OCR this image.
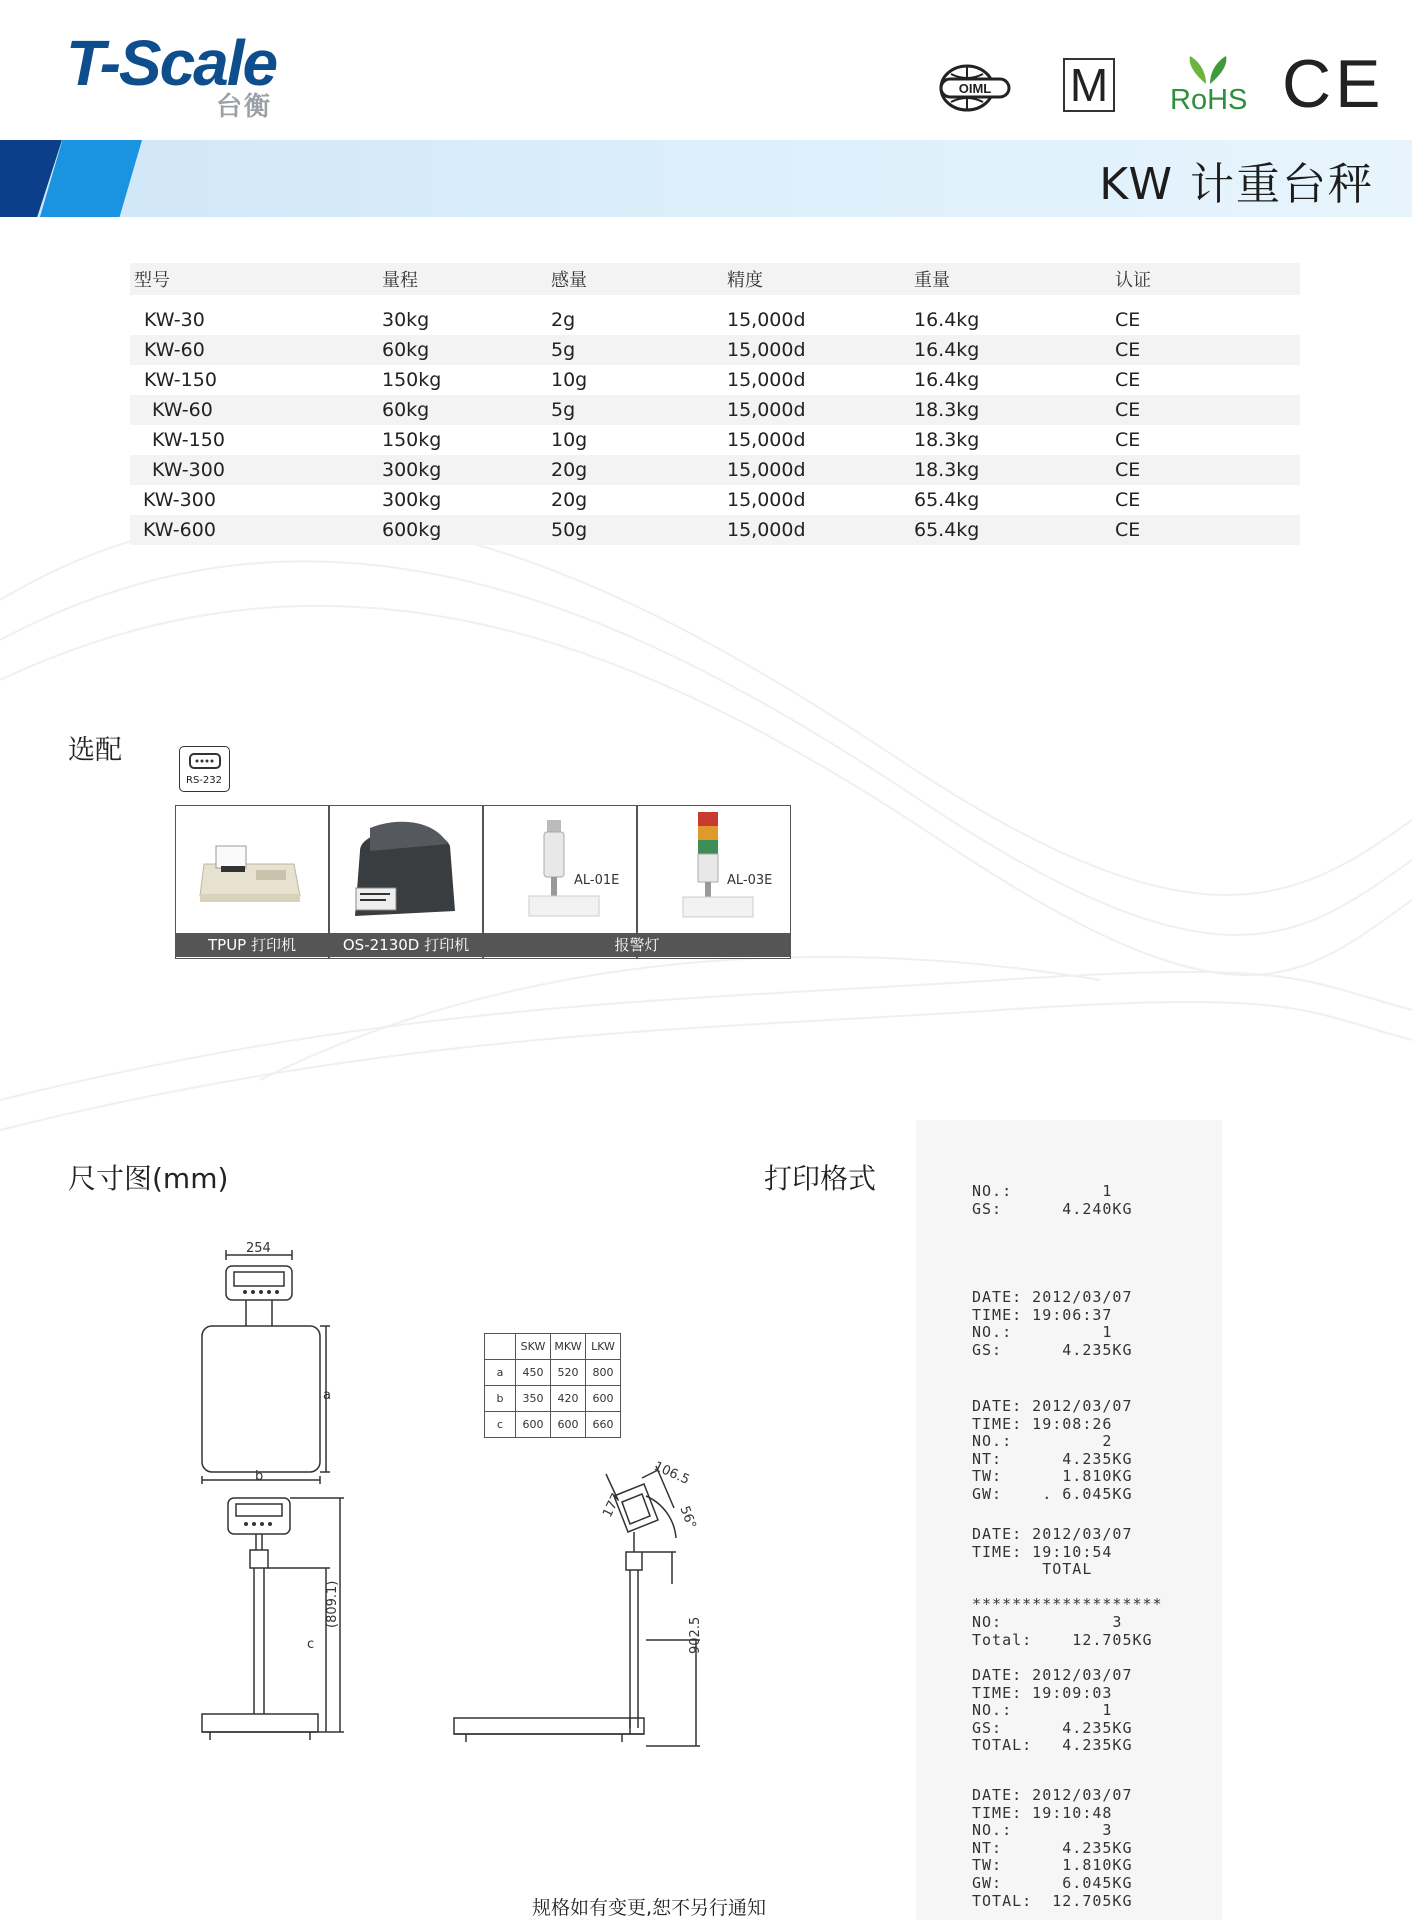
T-Scale
台衡
OIML M RoHS CE
KW 计重台秤
型号	量程	感量	精度	重量	认证
KW-30	30kg	2g	15,000d	16.4kg	CE
KW-60	60kg	5g	15,000d	16.4kg	CE
KW-150	150kg	10g	15,000d	16.4kg	CE
KW-60	60kg	5g	15,000d	18.3kg	CE
KW-150	150kg	10g	15,000d	18.3kg	CE
KW-300	300kg	20g	15,000d	18.3kg	CE
KW-300	300kg	20g	15,000d	65.4kg	CE
KW-600	600kg	50g	15,000d	65.4kg	CE
选配
RS-232
TPUP 打印机	OS-2130D 打印机
AL-01E	AL-03E
报警灯
尺寸图(mm)	打印格式
254
a
b
c
(809.1)
	SKW	MKW	LKW
a	450	520	800
b	350	420	600
c	600	600	660
106.5
177	56°
902.5
NO.:         1
GS:      4.240KG
DATE: 2012/03/07
TIME: 19:06:37
NO.:         1
GS:      4.235KG
DATE: 2012/03/07
TIME: 19:08:26
NO.:         2
NT:      4.235KG
TW:      1.810KG
GW:    . 6.045KG
DATE: 2012/03/07
TIME: 19:10:54
TOTAL

*******************
NO:           3
Total:    12.705KG
DATE: 2012/03/07
TIME: 19:09:03
NO.:         1
GS:      4.235KG
TOTAL:   4.235KG
DATE: 2012/03/07
TIME: 19:10:48
NO.:         3
NT:      4.235KG
TW:      1.810KG
GW:      6.045KG
TOTAL:  12.705KG
规格如有变更,恕不另行通知
